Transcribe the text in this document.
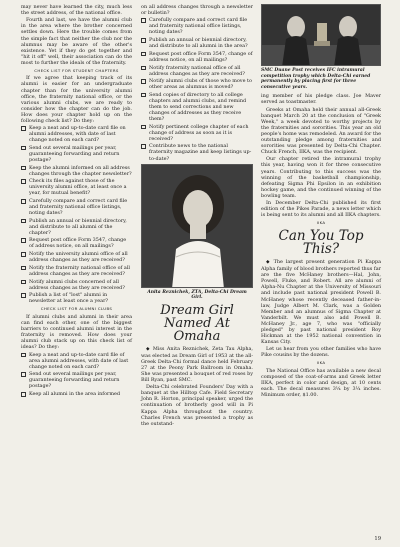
may never have learned the city, much less the street address, of the national office.

Fourth and last, we have the alumni club in the area where the brother concerned settles down. Here the trouble comes from the simple fact that neither the club nor the alumnus may be aware of the other's existence. Yet if they do get together and "hit it off" well, their association can do the most to further the ideals of the fraternity.

CHECK LIST FOR STUDENT CHAPTERS

If we agree that keeping track of its alumni is easier for an undergraduate chapter than for the university alumni office, the fraternity national office, or the various alumni clubs, we are ready to consider how the chapter can do the job. How does your chapter hold up on the following check list? Do they:

Keep a neat and up-to-date card file on alumni addresses, with date of last change noted on each card?
Send out several mailings per year, guaranteeing forwarding and return postage?
Keep the alumni informed on all address changes through the chapter newsletter?
Check its files against those of the university alumni office, at least once a year, for mutual benefit?
Carefully compare and correct card file and fraternity national office listings, noting dates?
Publish an annual or biennial directory, and distribute to all alumni of the chapter?
Request post office Form 3547, change of address notice, on all mailings?
Notify the university alumni office of all address changes as they are received?
Notify the fraternity national office of all address changes as they are received?
Notify alumni clubs concerned of all address changes as they are received?
Publish a list of "lost" alumni in newsletter at least once a year?
CHECK LIST FOR ALUMNI CLUBS

If alumni clubs and alumni in their area can find each other, one of the biggest barriers to continued alumni interest in the fraternity is removed. How does your alumni club stack up on this check list of ideas? Do they:

Keep a neat and up-to-date card file of area alumni addresses, with date of last change noted on each card?
Send out several mailings per year, guaranteeing forwarding and return postage?
Keep all alumni in the area informed

on all address changes through a newsletter or bulletin?

Carefully compare and correct card file and fraternity national office listings, noting dates?
Publish an annual or biennial directory, and distribute to all alumni in the area?
Request post office Form 3547, change of address notice, on all mailings?
Notify fraternity national office of all address changes as they are received?
Notify alumni clubs of those who move to other areas as alumnus is moved?
Send copies of directory to all college chapters and alumni clubs, and remind them to send corrections and new changes of addresses as they receive them?
Notify pertinent college chapter of each change of address as soon as it is received?
Contribute news to the national fraternity magazine and keep listings up-to-date?
Anita Reznichek, ZTA, Delta-Chi Dream Girl.
Dream Girl Named At Omaha

◆ Miss Anita Reznichek, Zeta Tau Alpha, was elected as Dream Girl of 1953 at the all-Greek Delta-Chi formal dance held February 27 at the Peony Park Ballroom in Omaha. She was presented a bouquet of red roses by Bill Ryan, past SMC.

Delta-Chi celebrated Founders' Day with a banquet at the Hilltop Cafe. Field Secretary John R. Horton, principal speaker, urged the continuation of brotherly good will in Pi Kappa Alpha throughout the country. Charles French was presented a trophy as the outstand-

SMC Duane Post receives IFC intramural competition trophy which Delta-Chi earned permanently by placing first for three consecutive years.

ing member of his pledge class. Joe Maver served as toastmaster.

Greeks at Omaha held their annual all-Greek banquet March 20 at the conclusion of "Greek Week," a week devoted to worthy projects by the fraternities and sororities. This year an old people's home was remodeled. An award for the outstanding pledge among fraternities and sororities was presented by Delta-Chi Chapter. Chuck French, IIKA, was the recipient.

Our chapter retired the intramural trophy this year, having won it for three consecutive years. Contributing to this success was the winning of the basketball championship, defeating Sigma Phi Epsilon in an exhibition hockey game, and the continued winning of the bowling team.

In December Delta-Chi published its first edition of the Pikes Parade, a news letter which is being sent to its alumni and all IIKA chapters.

IIKA
Can You Top This?

◆ The largest present generation Pi Kappa Alpha family of blood brothers reported thus far are the five McHaney brothers—Hal, John, Powell, Fluke, and Robert. All are alumni of Alpha-Nu Chapter at the University of Missouri and include past national president Powell B. McHaney whose recently deceased father-in-law, Judge Albert M. Clark, was a Golden Member and an alumnus of Sigma Chapter at Vanderbilt. We must also add Powell B. McHaney Jr., age 7, who was "officially pledged" by past national president Roy Hickman at the 1952 national convention in Kansas City.

Let us hear from you other families who have Pike cousins by the dozens.

IIKA

The National Office has available a new decal composed of the coat-of-arms and Greek letter IIKA, perfect in color and design, at 10 cents each. The decal measures 3¼ by 3¼ inches. Minimum order, $1.00.

19
